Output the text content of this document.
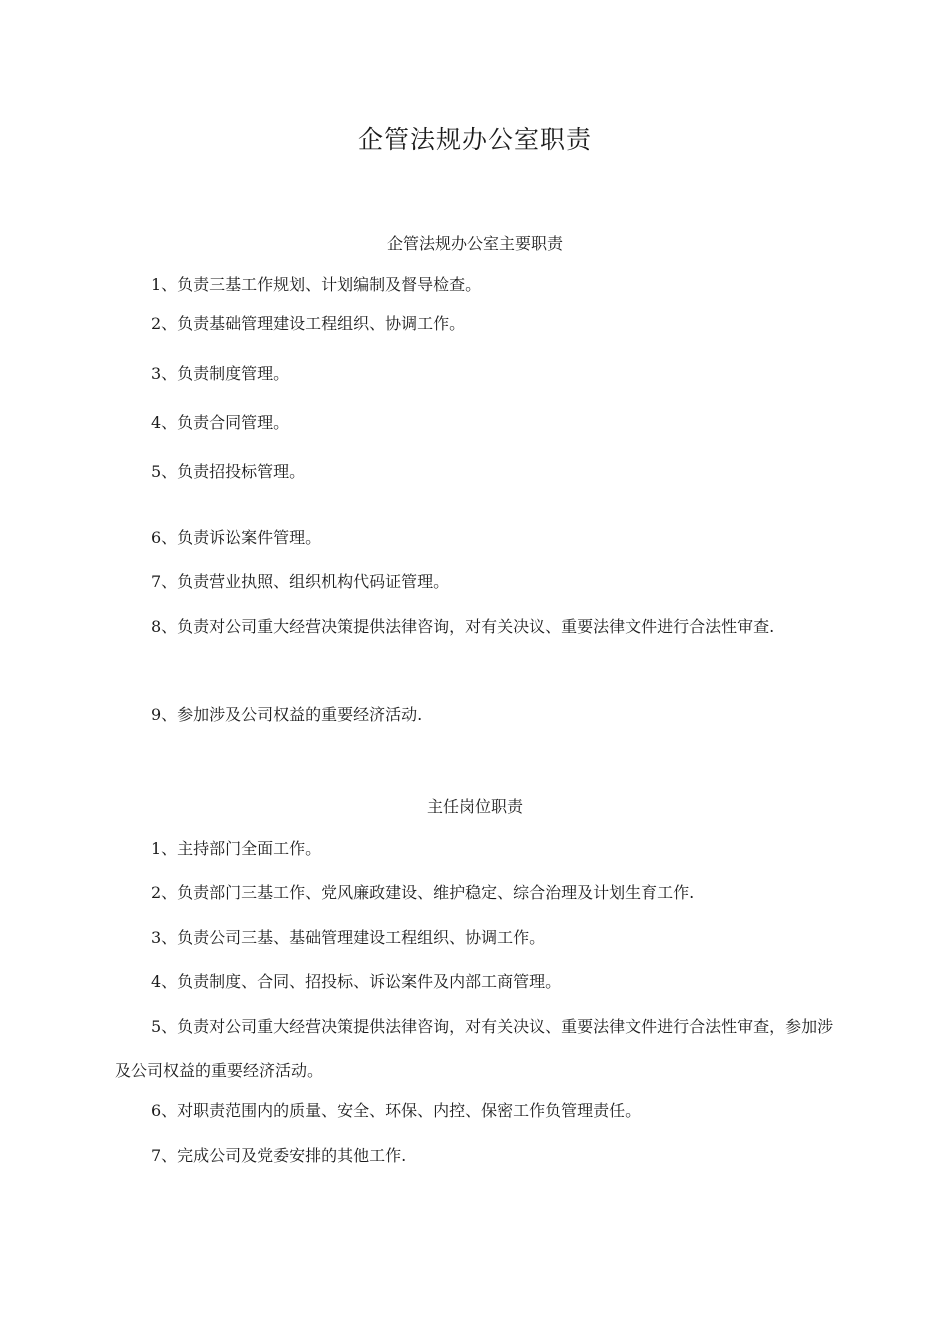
企管法规办公室职责
企管法规办公室主要职责

1、负责三基工作规划、计划编制及督导检查。

2、负责基础管理建设工程组织、协调工作。

3、负责制度管理。

4、负责合同管理。

5、负责招投标管理。

6、负责诉讼案件管理。

7、负责营业执照、组织机构代码证管理。

8、负责对公司重大经营决策提供法律咨询，对有关决议、重要法律文件进行合法性审查.

9、参加涉及公司权益的重要经济活动.

主任岗位职责

1、主持部门全面工作。

2、负责部门三基工作、党风廉政建设、维护稳定、综合治理及计划生育工作.

3、负责公司三基、基础管理建设工程组织、协调工作。

4、负责制度、合同、招投标、诉讼案件及内部工商管理。

5、负责对公司重大经营决策提供法律咨询，对有关决议、重要法律文件进行合法性审查，参加涉及公司权益的重要经济活动。

6、对职责范围内的质量、安全、环保、内控、保密工作负管理责任。

7、完成公司及党委安排的其他工作.
